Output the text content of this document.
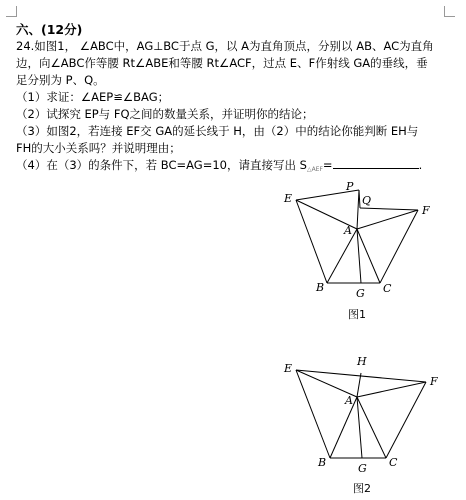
六、(12分)
24.如图1， ∠ABC中，AG⊥BC于点 G，以 A为直角顶点，分别以 AB、AC为直角
边，向∠ABC作等腰 Rt∠ABE和等腰 Rt∠ACF，过点 E、F作射线 GA的垂线，垂
足分别为 P、Q。
（1）求证：∠AEP≌∠BAG；
（2）试探究 EP与 FQ之间的数量关系，并证明你的结论；
（3）如图2，若连接 EF交 GA的延长线于 H，由（2）中的结论你能判断 EH与
FH的大小关系吗？并说明理由；
（4）在（3）的条件下，若 BC=AG=10，请直接写出 $S_{\triangle AEF}=$	.
E
P
Q
F
A
B	G C
图1
E
H
F
A
B	G C
图2
